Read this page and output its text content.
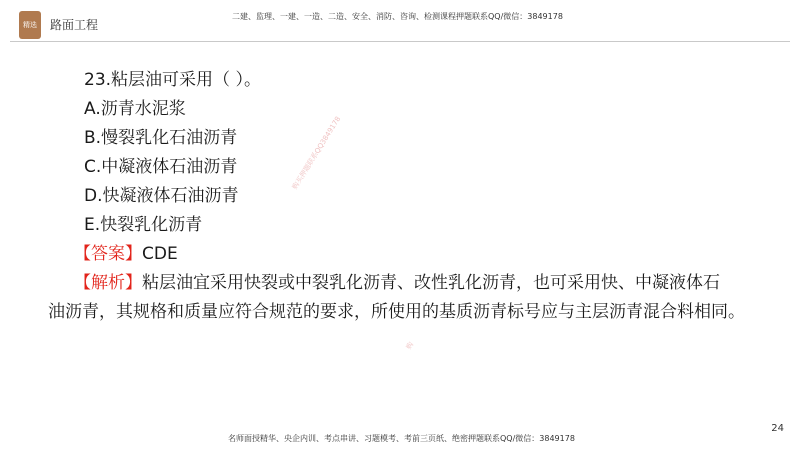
精选 路面工程
二建、监理、一建、一造、二造、安全、消防、咨询、检测课程押题联系QQ/微信：3849178
23.粘层油可采用（ ）。
A.沥青水泥浆
B.慢裂乳化石油沥青
C.中凝液体石油沥青
D.快凝液体石油沥青
E.快裂乳化沥青
【答案】CDE
【解析】粘层油宜采用快裂或中裂乳化沥青、改性乳化沥青，也可采用快、中凝液体石
油沥青，其规格和质量应符合规范的要求，所使用的基质沥青标号应与主层沥青混合料相同。
购买押题联系QQ3849178
购
名师面授精华、央企内训、考点串讲、习题模考、考前三页纸、绝密押题联系QQ/微信：3849178
24
